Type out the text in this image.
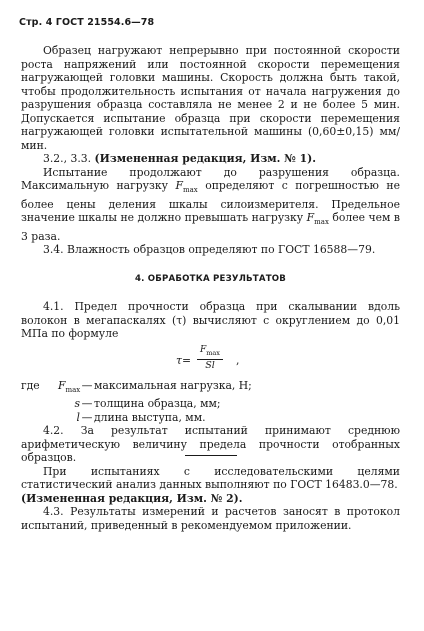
Стр. 4 ГОСТ 21554.6—78

Образец нагружают непрерывно при постоянной скорости роста напряжений или постоянной скорости перемещения нагружающей головки машины. Скорость должна быть такой, чтобы продолжительность испытания от начала нагружения до разрушения образца составляла не менее 2 и не более 5 мин. Допускается испытание образца при скорости перемещения нагружающей головки испытательной машины (0,60±0,15) мм/мин.

3.2., 3.3. (Измененная редакция, Изм. № 1).

Испытание продолжают до разрушения образца. Максимальную нагрузку $F_{max}$ определяют с погрешностью не более цены деления шкалы силоизмерителя. Предельное значение шкалы не должно превышать нагрузку $F_{max}$ более чем в 3 раза.

3.4. Влажность образцов определяют по ГОСТ 16588—79.

4. ОБРАБОТКА РЕЗУЛЬТАТОВ

4.1. Предел прочности образца при скалывании вдоль волокон в мегапаскалях (τ) вычисляют с округлением до 0,01 МПа по формуле

τ=
$F_{max}$
Sl	,
где	$F_{max}$ — максимальная нагрузка, Н;
s — толщина образца, мм;
l — длина выступа, мм.

4.2. За результат испытаний принимают среднюю арифметическую величину предела прочности отобранных образцов.

При испытаниях с исследовательскими целями статистический анализ данных выполняют по ГОСТ 16483.0—78.

(Измененная редакция, Изм. № 2).

4.3. Результаты измерений и расчетов заносят в протокол испытаний, приведенный в рекомендуемом приложении.
